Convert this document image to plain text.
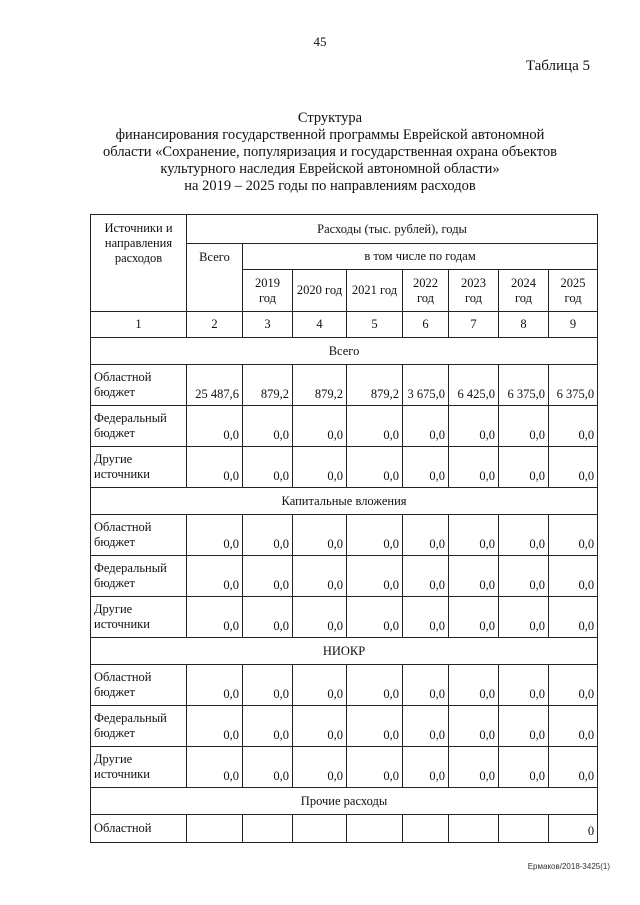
45
Таблица 5
Структура
финансирования государственной программы Еврейской автономной
области «Сохранение, популяризация и государственная охрана объектов
культурного наследия Еврейской автономной области»
на 2019 – 2025 годы по направлениям расходов
Источники и направления расходов	Расходы (тыс. рублей), годы							
	Всего	в том числе по годам						
		2019 год	2020 год	2021 год	2022 год	2023 год	2024 год	2025 год
1	2	3	4	5	6	7	8	9
Всего								
Областной бюджет	25 487,6	879,2	879,2	879,2	3 675,0	6 425,0	6 375,0	6 375,0
Федеральный бюджет	0,0	0,0	0,0	0,0	0,0	0,0	0,0	0,0
Другие источники	0,0	0,0	0,0	0,0	0,0	0,0	0,0	0,0
Капитальные вложения								
Областной бюджет	0,0	0,0	0,0	0,0	0,0	0,0	0,0	0,0
Федеральный бюджет	0,0	0,0	0,0	0,0	0,0	0,0	0,0	0,0
Другие источники	0,0	0,0	0,0	0,0	0,0	0,0	0,0	0,0
НИОКР								
Областной бюджет	0,0	0,0	0,0	0,0	0,0	0,0	0,0	0,0
Федеральный бюджет	0,0	0,0	0,0	0,0	0,0	0,0	0,0	0,0
Другие источники	0,0	0,0	0,0	0,0	0,0	0,0	0,0	0,0
Прочие расходы								
Областной								0
Ермаков/2018-3425(1)
